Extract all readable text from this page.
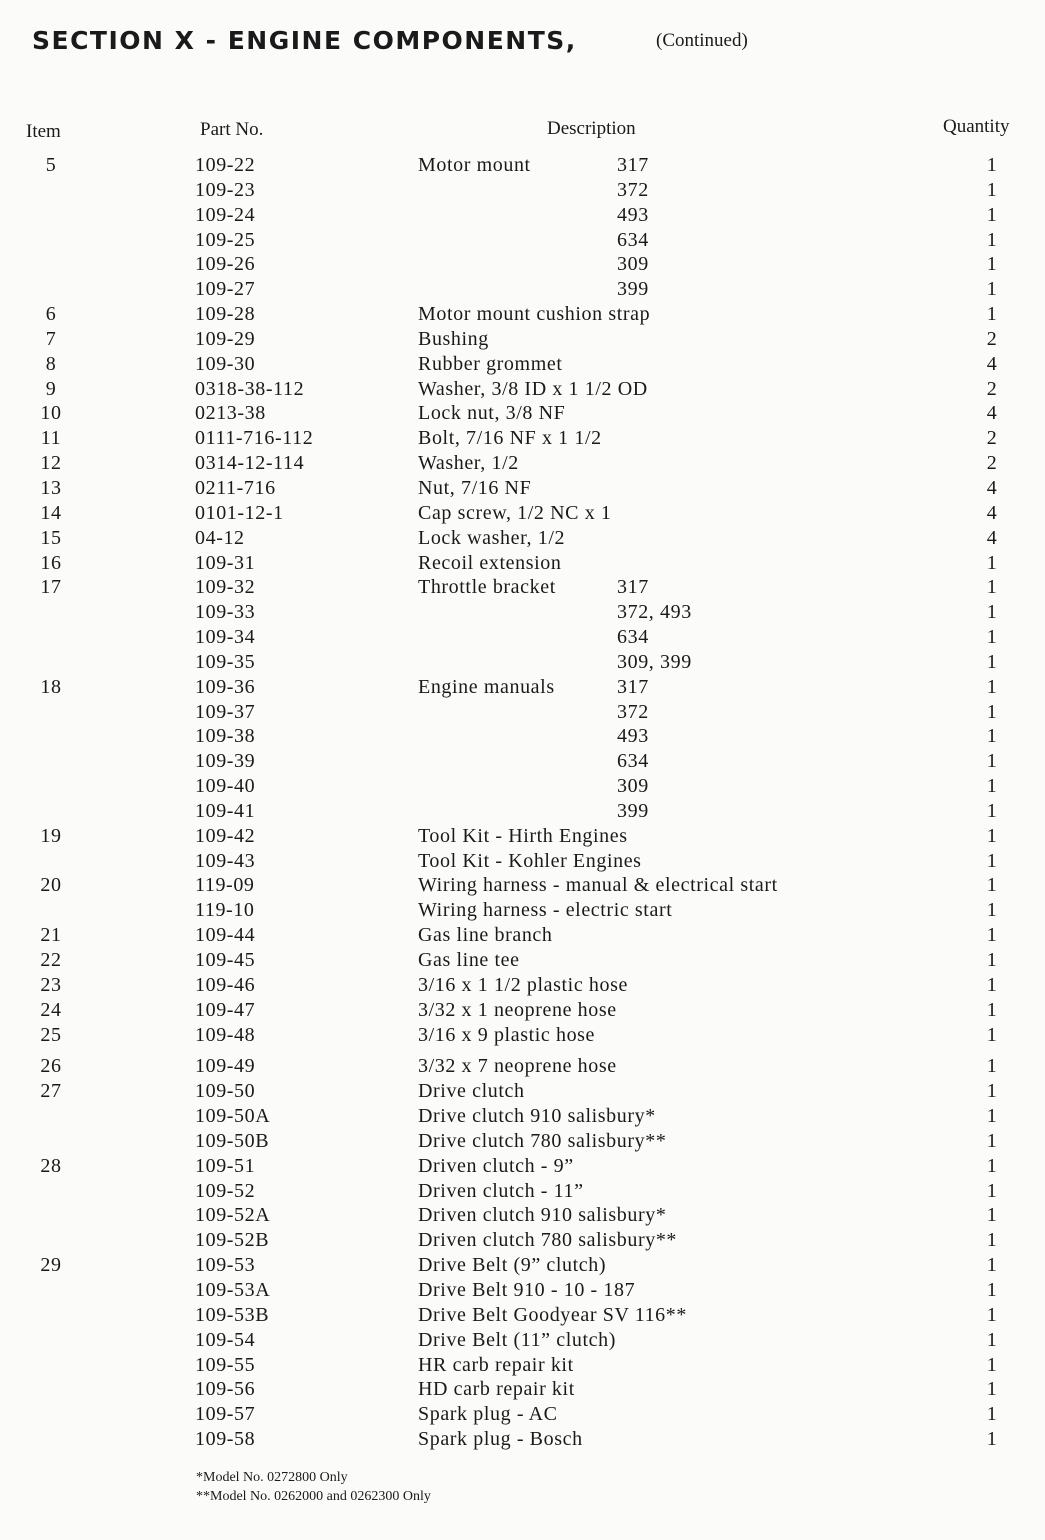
SECTION X - ENGINE COMPONENTS,	(Continued)
Item	Part No.	Description	Quantity
5	109-22	Motor mount	317	1
109-23	372	1
109-24	493	1
109-25	634	1
109-26	309	1
109-27	399	1
6	109-28	Motor mount cushion strap	1
7	109-29	Bushing	2
8	109-30	Rubber grommet	4
9	0318-38-112	Washer, 3/8 ID x 1 1/2 OD	2
10	0213-38	Lock nut, 3/8 NF	4
11	0111-716-112	Bolt, 7/16 NF x 1 1/2	2
12	0314-12-114	Washer, 1/2	2
13	0211-716	Nut, 7/16 NF	4
14	0101-12-1	Cap screw, 1/2 NC x 1	4
15	04-12	Lock washer, 1/2	4
16	109-31	Recoil extension	1
17	109-32	Throttle bracket	317	1
109-33	372, 493	1
109-34	634	1
109-35	309, 399	1
18	109-36	Engine manuals	317	1
109-37	372	1
109-38	493	1
109-39	634	1
109-40	309	1
109-41	399	1
19	109-42	Tool Kit - Hirth Engines	1
109-43	Tool Kit - Kohler Engines	1
20	119-09	Wiring harness - manual & electrical start	1
119-10	Wiring harness - electric start	1
21	109-44	Gas line branch	1
22	109-45	Gas line tee	1
23	109-46	3/16 x 1 1/2 plastic hose	1
24	109-47	3/32 x 1 neoprene hose	1
25	109-48	3/16 x 9 plastic hose	1
26	109-49	3/32 x 7 neoprene hose	1
27	109-50	Drive clutch	1
109-50A	Drive clutch 910 salisbury*	1
109-50B	Drive clutch 780 salisbury**	1
28	109-51	Driven clutch - 9”	1
109-52	Driven clutch - 11”	1
109-52A	Driven clutch 910 salisbury*	1
109-52B	Driven clutch 780 salisbury**	1
29	109-53	Drive Belt (9” clutch)	1
109-53A	Drive Belt 910 - 10 - 187	1
109-53B	Drive Belt Goodyear SV 116**	1
109-54	Drive Belt (11” clutch)	1
109-55	HR carb repair kit	1
109-56	HD carb repair kit	1
109-57	Spark plug - AC	1
109-58	Spark plug - Bosch	1
*Model No. 0272800 Only
**Model No. 0262000 and 0262300 Only
